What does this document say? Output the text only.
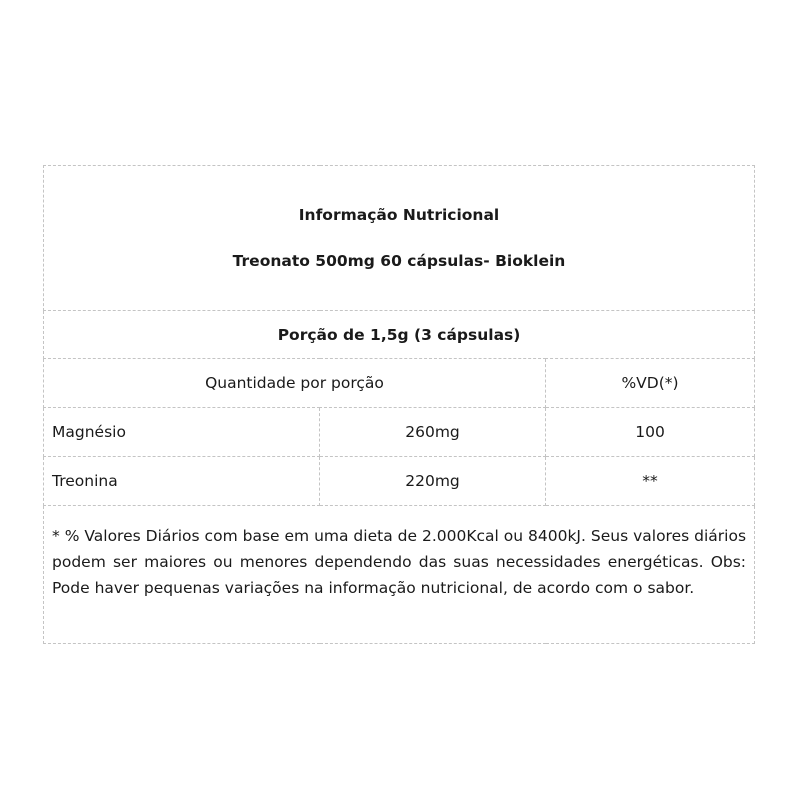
Informação Nutricional
Treonato 500mg 60 cápsulas- Bioklein		

Porção de 1,5g (3 cápsulas)		
Quantidade por porção		%VD(*)
Magnésio	260mg	100
Treonina	220mg	**

* % Valores Diários com base em uma dieta de 2.000Kcal ou 8400kJ. Seus valores diários podem ser maiores ou menores dependendo das suas necessidades energéticas. Obs: Pode haver pequenas variações na informação nutricional, de acordo com o sabor.		
